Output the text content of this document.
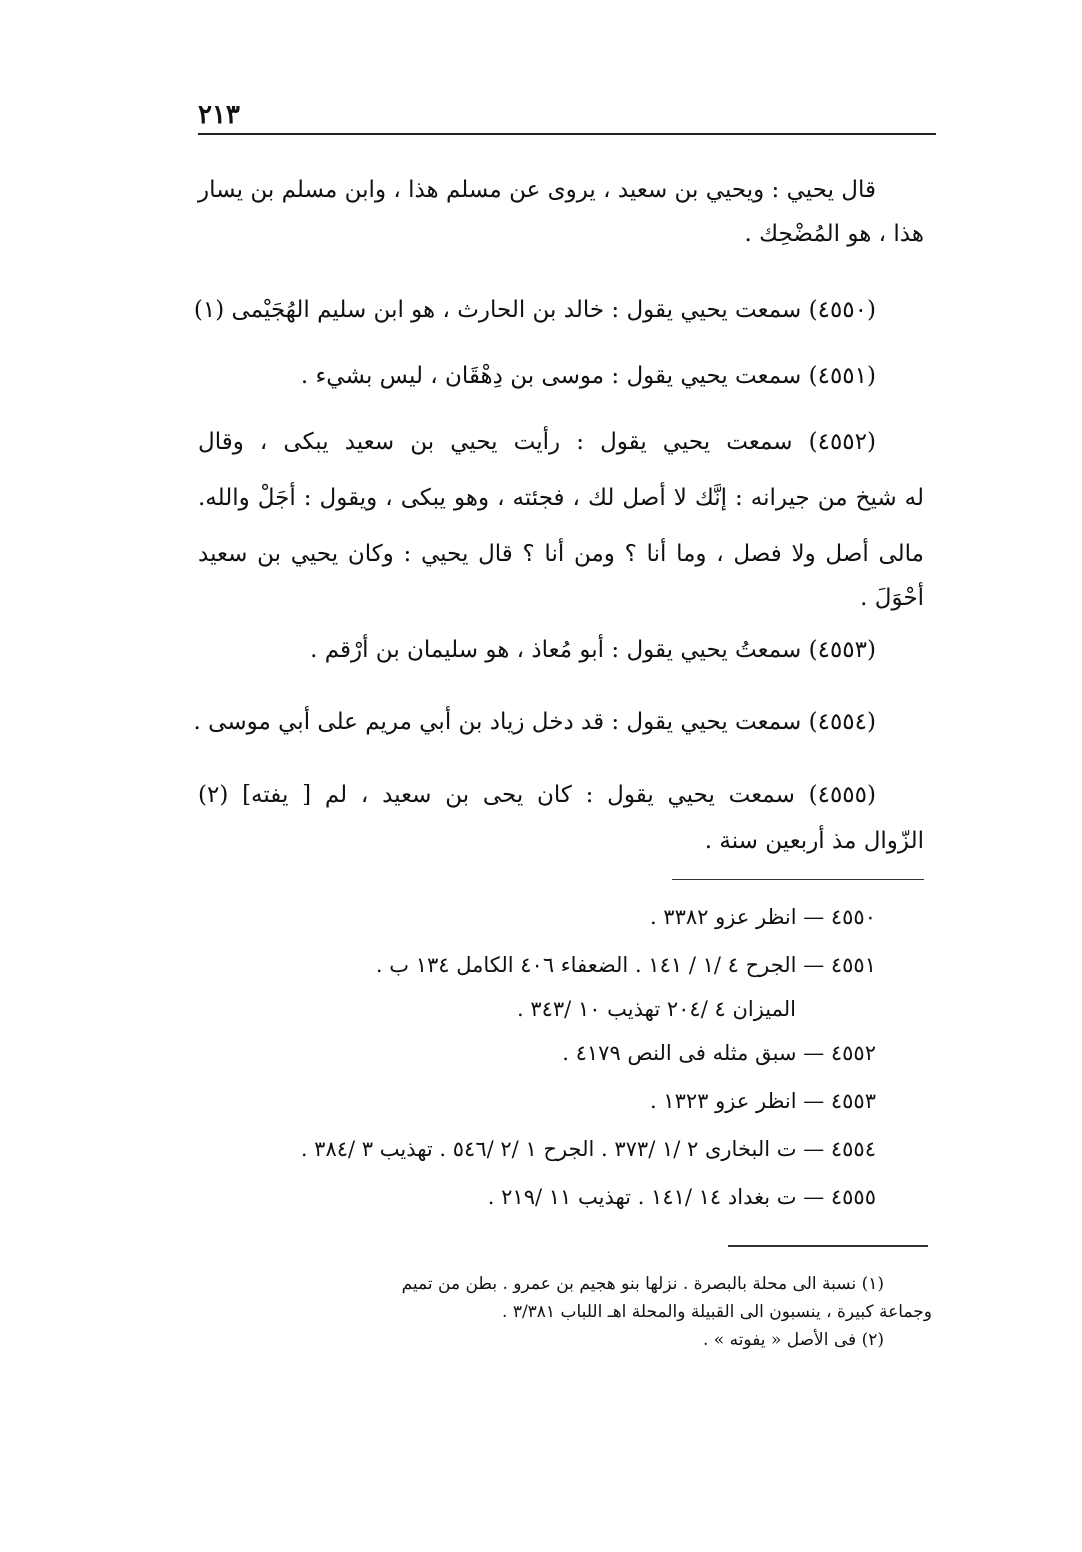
٢١٣
قال يحيي : ويحيي بن سعيد ، يروى عن مسلم هذا ، وابن مسلم بن يسار
هذا ، هو المُضْحِك .
(٤٥٥٠) سمعت يحيي يقول : خالد بن الحارث ، هو ابن سليم الهُجَيْمى (١)
(٤٥٥١) سمعت يحيي يقول : موسى بن دِهْقَان ، ليس بشيء .
(٤٥٥٢) سمعت يحيي يقول : رأيت يحيي بن سعيد يبكى ، وقال
له شيخ من جيرانه : إنَّك لا أصل لك ، فجئته ، وهو يبكى ، ويقول : أجَلْ والله.
مالى أصل ولا فصل ، وما أنا ؟ ومن أنا ؟ قال يحيي : وكان يحيي بن سعيد
أحْوَلَ .
(٤٥٥٣) سمعتُ يحيي يقول : أبو مُعاذ ، هو سليمان بن أرْقم .
(٤٥٥٤) سمعت يحيي يقول : قد دخل زياد بن أبي مريم على أبي موسى .
(٤٥٥٥) سمعت يحيي يقول : كان يحى بن سعيد ، لم [ يفته] (٢)
الزّوال مذ أربعين سنة .
٤٥٥٠ — انظر عزو ٣٣٨٢ .
٤٥٥١ — الجرح ٤ /١ / ١٤١ . الضعفاء ٤٠٦ الكامل ١٣٤ ب .
الميزان ٤ /٢٠٤ تهذيب ١٠ /٣٤٣ .
٤٥٥٢ — سبق مثله فى النص ٤١٧٩ .
٤٥٥٣ — انظر عزو ١٣٢٣ .
٤٥٥٤ — ت البخارى ٢ /١ /٣٧٣ . الجرح ١ /٢ /٥٤٦ . تهذيب ٣ /٣٨٤ .
٤٥٥٥ — ت بغداد ١٤ /١٤١ . تهذيب ١١ /٢١٩ .
(١) نسبة الى محلة بالبصرة . نزلها بنو هجيم بن عمرو . بطن من تميم
وجماعة كبيرة ، ينسبون الى القبيلة والمحلة اهـ اللباب ٣/٣٨١ .
(٢) فى الأصل « يفوته » .
